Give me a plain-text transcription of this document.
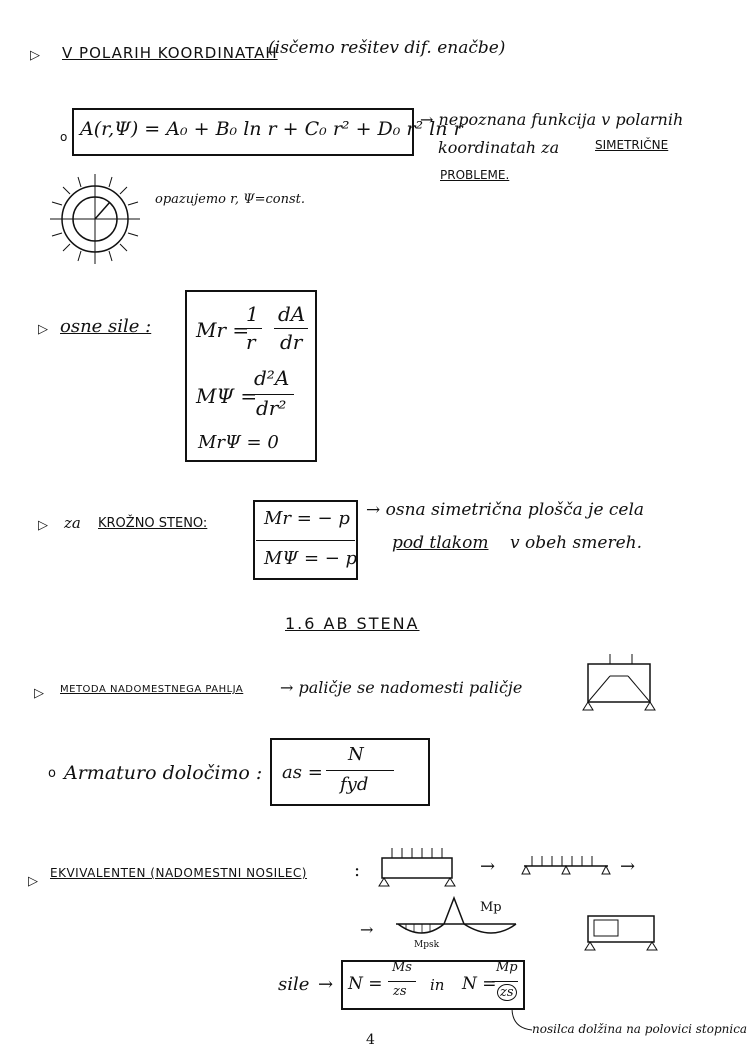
▷ V POLARIH KOORDINATAH
(isčemo rešitev dif. enačbe)
o A(r,Ψ) = A₀ + B₀ ln r + C₀ r² + D₀ r² ln r
→ nepoznana funkcija v polarnih
koordinatah za	SIMETRIČNE
PROBLEME.
opazujemo r, Ψ=const.
▷ osne sile : Mr =
1
r
dA
dr
MΨ =
d²A
dr²
MrΨ = 0
▷ za KROŽNO STENO:	Mr = − p
MΨ = − p
→ osna simetrična plošča je cela
pod tlakom v obeh smereh.
1.6 AB STENA
▷ METODA NADOMESTNEGA PAHLJA → paličje se nadomesti paličje
o Armaturo določimo : as =
N
fyd
▷
EKVIVALENTEN (NADOMESTNI NOSILEC)	:	→	→
→
Mp
Mpsk
sile → N =
Ms
zs in N =
Mp
zs
nosilca dolžina na polovici stopnica
4
